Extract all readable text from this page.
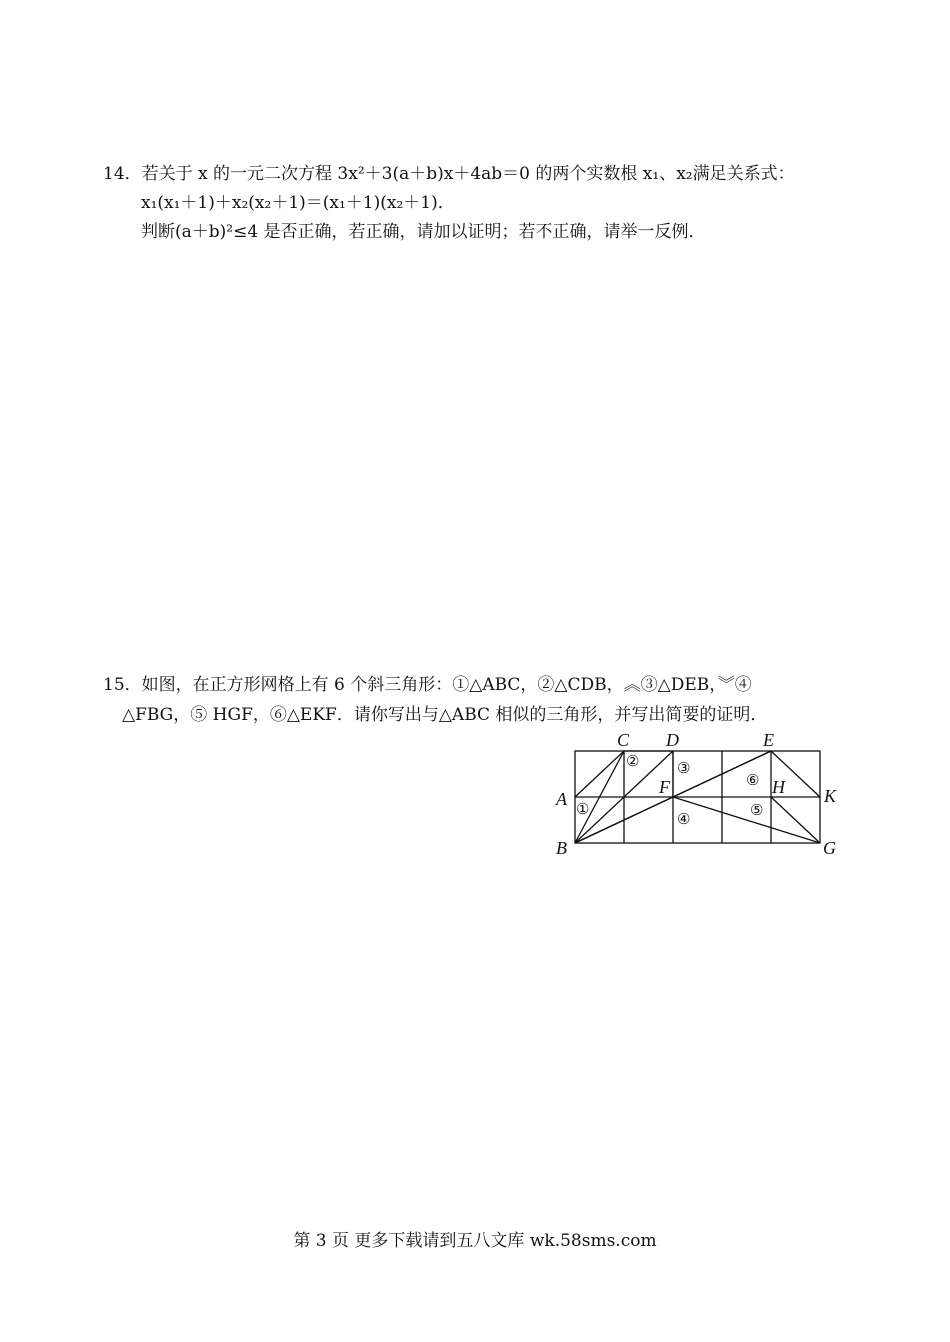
14．若关于 x 的一元二次方程 3x²＋3(a＋b)x＋4ab＝0 的两个实数根 x₁、x₂满足关系式：
x₁(x₁＋1)＋x₂(x₂＋1)＝(x₁＋1)(x₂＋1)．
判断(a＋b)²≤4 是否正确，若正确，请加以证明；若不正确，请举一反例．
15．如图，在正方形网格上有 6 个斜三角形：①△ABC，②△CDB，︽③△DEB，︾④
△FBG，⑤ HGF，⑥△EKF．请你写出与△ABC 相似的三角形，并写出简要的证明．
A
B
C D	E
F
G
H K
①
②	③
④
⑤
⑥
第 3 页 更多下载请到五八文库 wk.58sms.com
